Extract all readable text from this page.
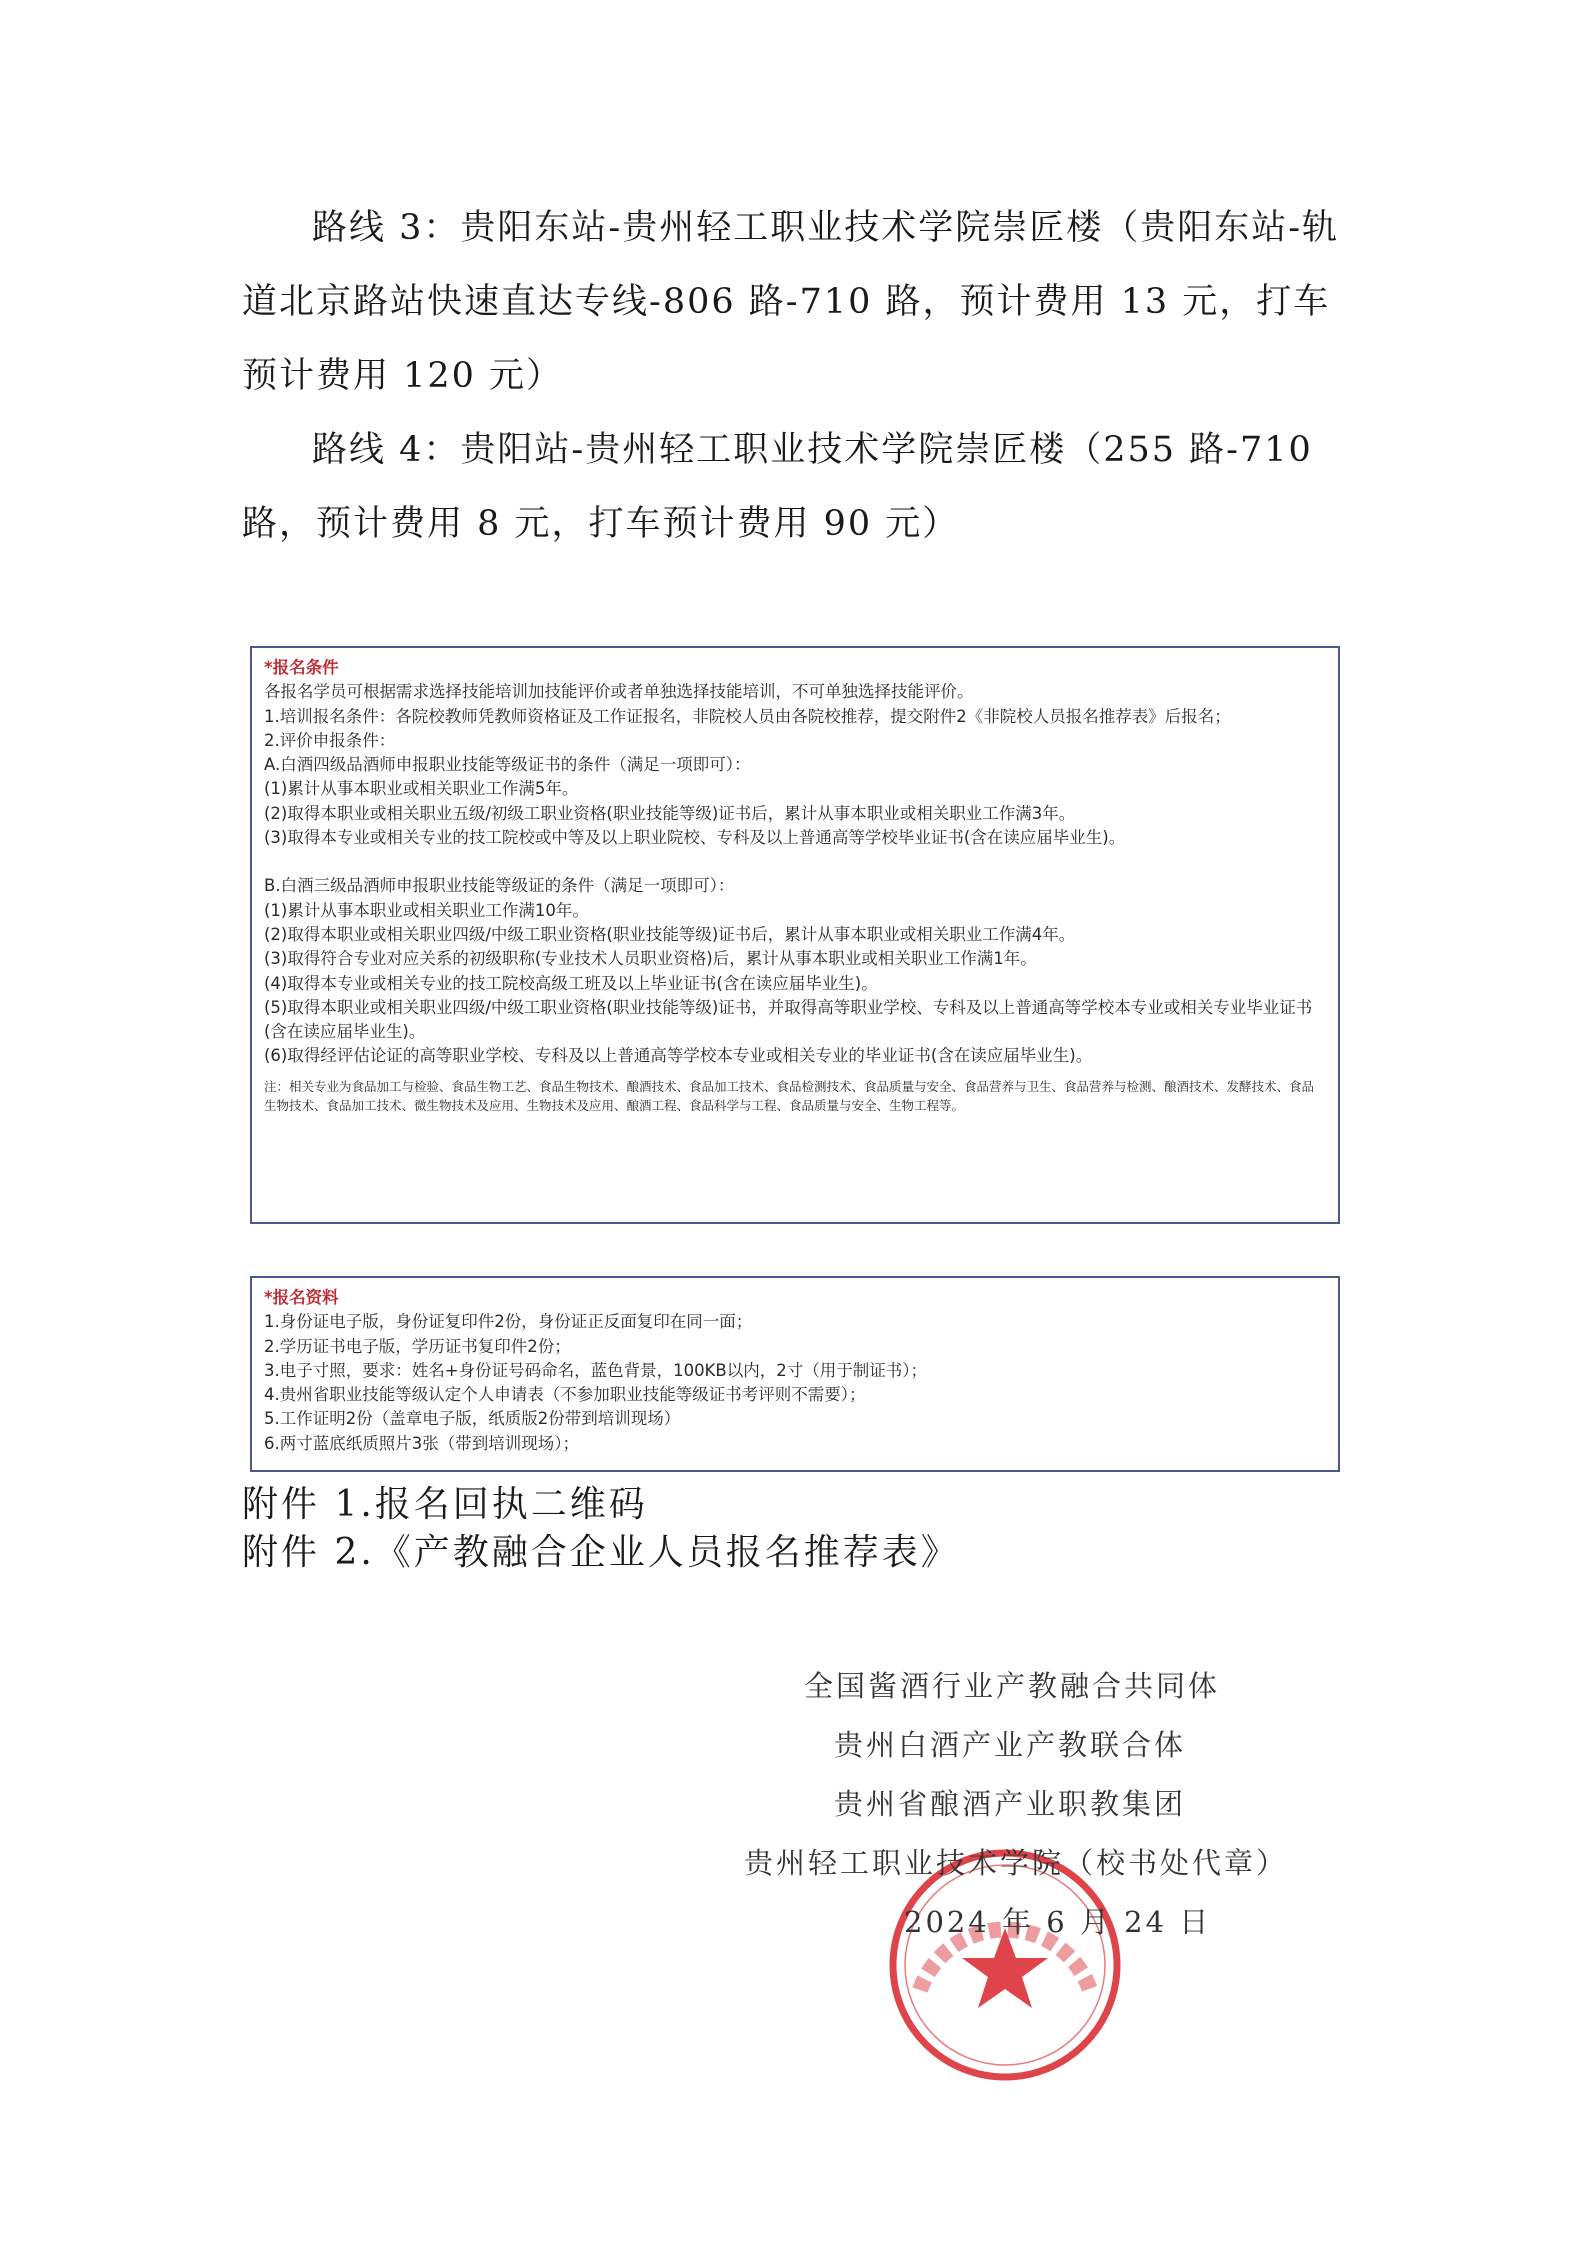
路线 3：贵阳东站-贵州轻工职业技术学院崇匠楼（贵阳东站-轨道北京路站快速直达专线-806 路-710 路，预计费用 13 元，打车预计费用 120 元）

路线 4：贵阳站-贵州轻工职业技术学院崇匠楼（255 路-710 路，预计费用 8 元，打车预计费用 90 元）

*报名条件

各报名学员可根据需求选择技能培训加技能评价或者单独选择技能培训，不可单独选择技能评价。

1.培训报名条件：各院校教师凭教师资格证及工作证报名，非院校人员由各院校推荐，提交附件2《非院校人员报名推荐表》后报名；

2.评价申报条件：

A.白酒四级品酒师申报职业技能等级证书的条件（满足一项即可）：

(1)累计从事本职业或相关职业工作满5年。

(2)取得本职业或相关职业五级/初级工职业资格(职业技能等级)证书后，累计从事本职业或相关职业工作满3年。

(3)取得本专业或相关专业的技工院校或中等及以上职业院校、专科及以上普通高等学校毕业证书(含在读应届毕业生)。

B.白酒三级品酒师申报职业技能等级证的条件（满足一项即可）：

(1)累计从事本职业或相关职业工作满10年。

(2)取得本职业或相关职业四级/中级工职业资格(职业技能等级)证书后，累计从事本职业或相关职业工作满4年。

(3)取得符合专业对应关系的初级职称(专业技术人员职业资格)后，累计从事本职业或相关职业工作满1年。

(4)取得本专业或相关专业的技工院校高级工班及以上毕业证书(含在读应届毕业生)。

(5)取得本职业或相关职业四级/中级工职业资格(职业技能等级)证书，并取得高等职业学校、专科及以上普通高等学校本专业或相关专业毕业证书(含在读应届毕业生)。

(6)取得经评估论证的高等职业学校、专科及以上普通高等学校本专业或相关专业的毕业证书(含在读应届毕业生)。

注：相关专业为食品加工与检验、食品生物工艺、食品生物技术、酿酒技术、食品加工技术、食品检测技术、食品质量与安全、食品营养与卫生、食品营养与检测、酿酒技术、发酵技术、食品生物技术、食品加工技术、微生物技术及应用、生物技术及应用、酿酒工程、食品科学与工程、食品质量与安全、生物工程等。

*报名资料

1.身份证电子版，身份证复印件2份，身份证正反面复印在同一面；

2.学历证书电子版，学历证书复印件2份；

3.电子寸照，要求：姓名+身份证号码命名，蓝色背景，100KB以内，2寸（用于制证书）；

4.贵州省职业技能等级认定个人申请表（不参加职业技能等级证书考评则不需要）；

5.工作证明2份（盖章电子版，纸质版2份带到培训现场）

6.两寸蓝底纸质照片3张（带到培训现场）；

附件 1.报名回执二维码

附件 2.《产教融合企业人员报名推荐表》

全国酱酒行业产教融合共同体

贵州白酒产业产教联合体

贵州省酿酒产业职教集团

贵州轻工职业技术学院（校书处代章）

2024 年 6 月 24 日
